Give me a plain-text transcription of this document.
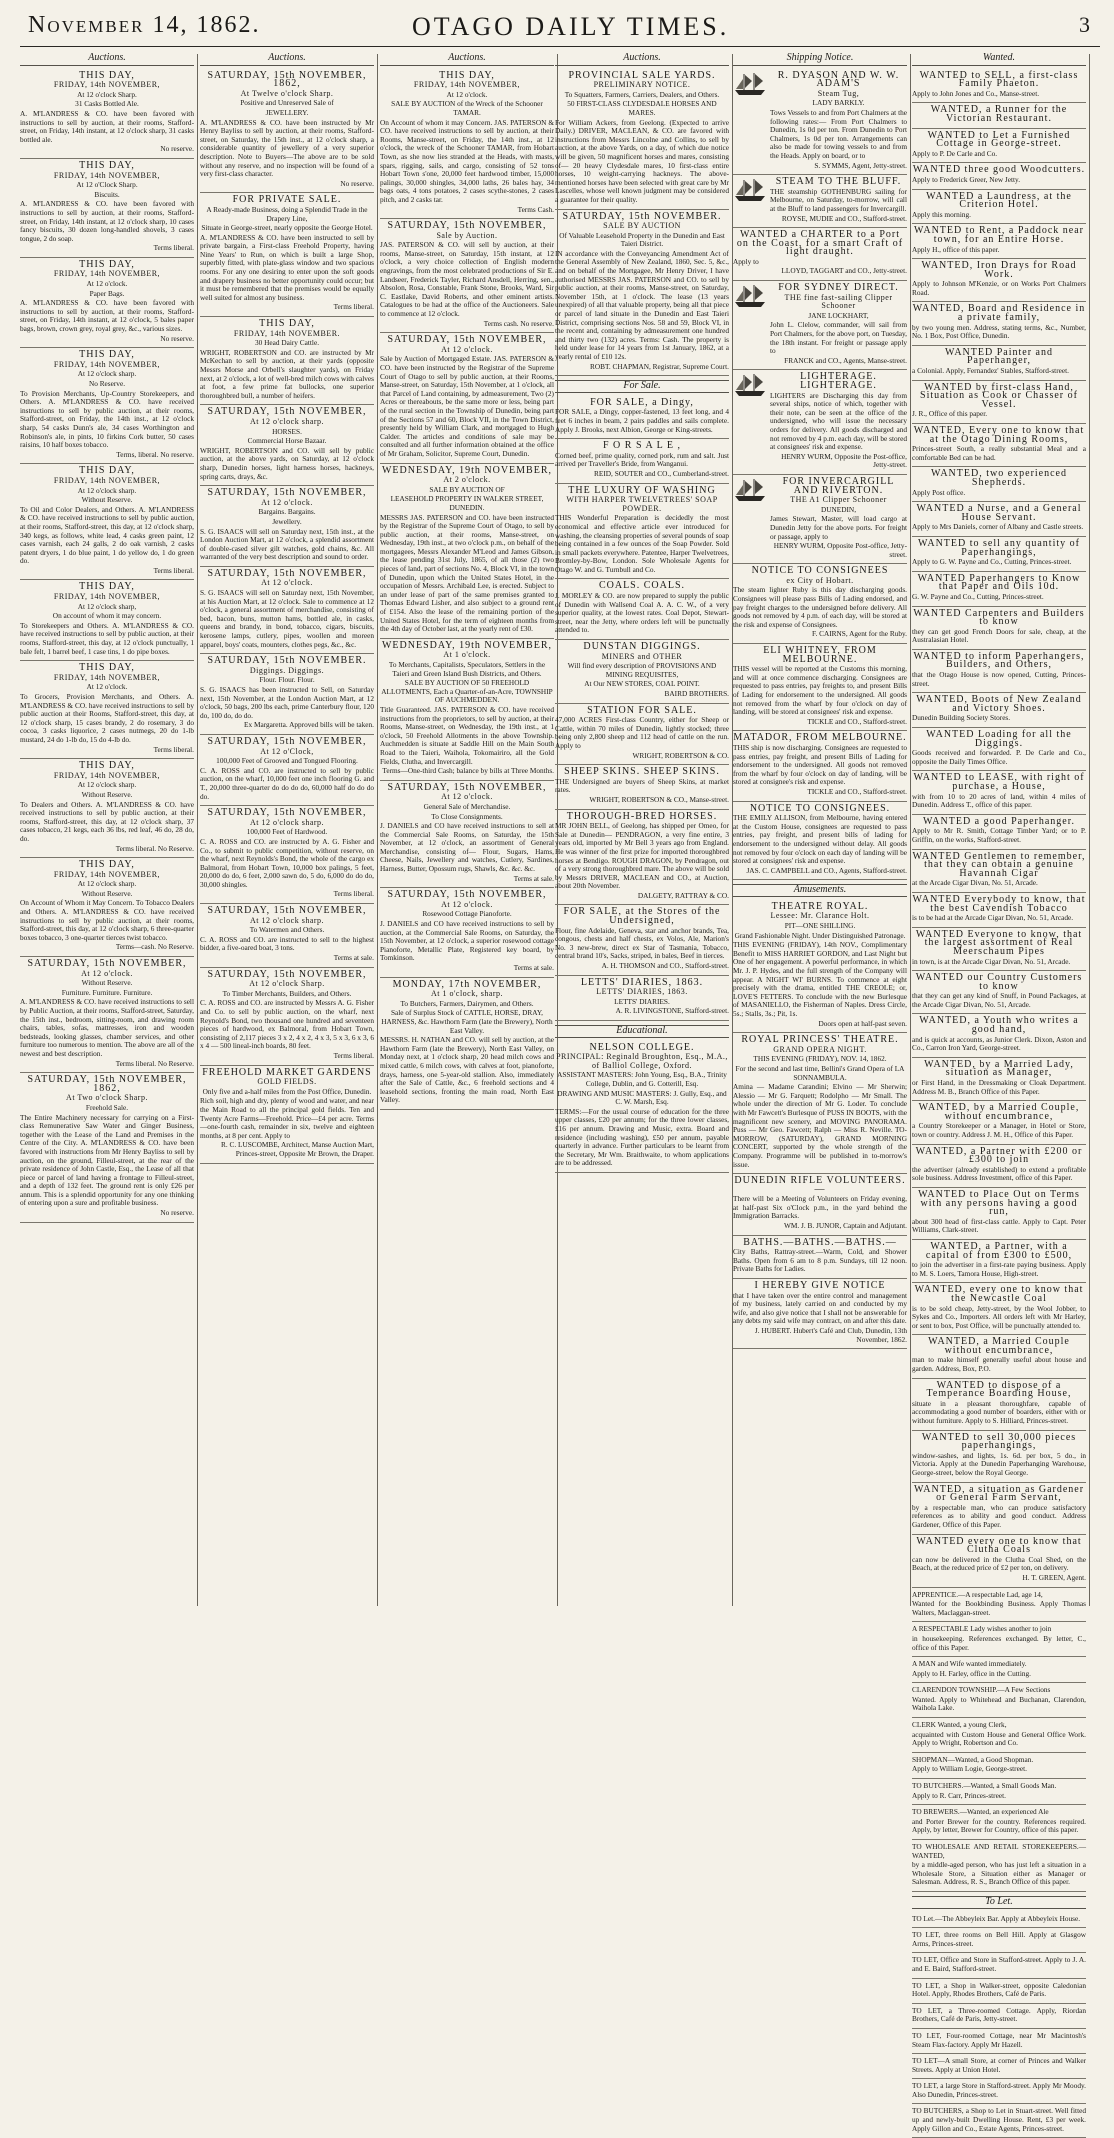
November 14, 1862.	OTAGO DAILY TIMES.	3
Auctions.
THIS DAY,
FRIDAY, 14th NOVEMBER,
At 12 o'clock Sharp.
31 Casks Bottled Ale.
A. M'LANDRESS & CO. have been favored with instructions to sell by auction, at their rooms, Stafford-street, on Friday, 14th instant, at 12 o'clock sharp, 31 casks bottled ale.
No reserve.
THIS DAY,
FRIDAY, 14th NOVEMBER,
At 12 o'Clock Sharp.
Biscuits.
A. M'LANDRESS & CO. have been favored with instructions to sell by auction, at their rooms, Stafford-street, on Friday, 14th instant, at 12 o'clock sharp, 10 cases fancy biscuits, 30 dozen long-handled shovels, 3 cases tongue, 2 do soap.
Terms liberal.
THIS DAY,
FRIDAY, 14th NOVEMBER,
At 12 o'clock.
Paper Bags.
A. M'LANDRESS & CO. have been favored with instructions to sell by auction, at their rooms, Stafford-street, on Friday, 14th instant, at 12 o'clock, 5 bales paper bags, brown, crown grey, royal grey, &c., various sizes.
No reserve.
THIS DAY,
FRIDAY, 14th NOVEMBER,
At 12 o'clock sharp.
No Reserve.
To Provision Merchants, Up-Country Storekeepers, and Others. A. M'LANDRESS & CO. have received instructions to sell by public auction, at their rooms, Stafford-street, on Friday, the 14th inst., at 12 o'clock sharp, 54 casks Dunn's ale, 34 cases Worthington and Robinson's ale, in pints, 10 firkins Cork butter, 50 cases raisins, 10 half boxes tobacco.
Terms, liberal. No reserve.
THIS DAY,
FRIDAY, 14th NOVEMBER,
At 12 o'clock sharp.
Without Reserve.
To Oil and Color Dealers, and Others. A. M'LANDRESS & CO. have received instructions to sell by public auction, at their rooms, Stafford-street, this day, at 12 o'clock sharp, 340 kegs, as follows, white lead, 4 casks green paint, 12 cases varnish, each 24 galls, 2 do oak varnish, 2 casks patent dryers, 1 do blue paint, 1 do yellow do, 1 do green do.
Terms liberal.
THIS DAY,
FRIDAY, 14th NOVEMBER,
At 12 o'clock sharp,
On account of whom it may concern.
To Storekeepers and Others. A. M'LANDRESS & CO. have received instructions to sell by public auction, at their rooms, Stafford-street, this day, at 12 o'clock punctually, 1 bale felt, 1 barrel beef, 1 case tins, 1 do pipe boxes.
THIS DAY,
FRIDAY, 14th NOVEMBER,
At 12 o'clock.
To Grocers, Provision Merchants, and Others. A. M'LANDRESS & CO. have received instructions to sell by public auction at their Rooms, Stafford-street, this day, at 12 o'clock sharp, 15 cases brandy, 2 do rosemary, 3 do cocoa, 3 casks liquorice, 2 cases nutmegs, 20 do 1-lb mustard, 24 do 1-lb do, 15 do 4-lb do.
Terms liberal.
THIS DAY,
FRIDAY, 14th NOVEMBER,
At 12 o'clock sharp.
Without Reserve.
To Dealers and Others. A. M'LANDRESS & CO. have received instructions to sell by public auction, at their rooms, Stafford-street, this day, at 12 o'clock sharp, 37 cases tobacco, 21 kegs, each 36 lbs, red leaf, 46 do, 28 do, do.
Terms liberal. No Reserve.
THIS DAY,
FRIDAY, 14th NOVEMBER,
At 12 o'clock sharp.
Without Reserve.
On Account of Whom it May Concern. To Tobacco Dealers and Others. A. M'LANDRESS & CO. have received instructions to sell by public auction, at their rooms, Stafford-street, this day, at 12 o'clock sharp, 6 three-quarter boxes tobacco, 3 one-quarter tierces twist tobacco.
Terms—cash. No Reserve.
SATURDAY, 15th NOVEMBER,
At 12 o'clock.
Without Reserve.
Furniture. Furniture. Furniture.
A. M'LANDRESS & CO. have received instructions to sell by Public Auction, at their rooms, Stafford-street, Saturday, the 15th inst., bedroom, sitting-room, and drawing room chairs, tables, sofas, mattresses, iron and wooden bedsteads, looking glasses, chamber services, and other furniture too numerous to mention. The above are all of the newest and best description.
Terms liberal. No Reserve.
SATURDAY, 15th NOVEMBER, 1862,
At Two o'clock Sharp.
Freehold Sale.
The Entire Machinery necessary for carrying on a First-class Remunerative Saw Water and Ginger Business, together with the Lease of the Land and Premises in the Centre of the City. A. M'LANDRESS & CO. have been favored with instructions from Mr Henry Bayliss to sell by auction, on the ground, Filleul-street, at the rear of the private residence of John Castle, Esq., the Lease of all that piece or parcel of land having a frontage to Filleul-street, and a depth of 132 feet. The ground rent is only £26 per annum. This is a splendid opportunity for any one thinking of entering upon a sure and profitable business.
No reserve.
Auctions.
SATURDAY, 15th NOVEMBER, 1862,
At Twelve o'clock Sharp.
Positive and Unreserved Sale of
JEWELLERY.
A. M'LANDRESS & CO. have been instructed by Mr Henry Bayliss to sell by auction, at their rooms, Stafford-street, on Saturday, the 15th inst., at 12 o'clock sharp, a considerable quantity of jewellery of a very superior description. Note to Buyers—The above are to be sold without any reserve, and no inspection will be found of a very first-class character.
No reserve.
FOR PRIVATE SALE.
A Ready-made Business, doing a Splendid Trade in the Drapery Line,
Situate in George-street, nearly opposite the George Hotel.
A. M'LANDRESS & CO. have been instructed to sell by private bargain, a First-class Freehold Property, having Nine Years' to Run, on which is built a large Shop, superbly fitted, with plate-glass window and two spacious rooms. For any one desiring to enter upon the soft goods and drapery business no better opportunity could occur; but it must be remembered that the premises would be equally well suited for almost any business.
Terms liberal.
THIS DAY,
FRIDAY, 14th NOVEMBER.
30 Head Dairy Cattle.
WRIGHT, ROBERTSON and CO. are instructed by Mr McKechan to sell by auction, at their yards (opposite Messrs Morse and Orbell's slaughter yards), on Friday next, at 2 o'clock, a lot of well-bred milch cows with calves at foot, a few prime fat bullocks, one superior thoroughbred bull, a number of heifers.
SATURDAY, 15th NOVEMBER,
At 12 o'clock sharp.
HORSES.
Commercial Horse Bazaar.
WRIGHT, ROBERTSON and CO. will sell by public auction, at the above yards, on Saturday, at 12 o'clock sharp, Dunedin horses, light harness horses, hackneys, spring carts, drays, &c.
SATURDAY, 15th NOVEMBER,
At 12 o'clock.
Bargains. Bargains.
Jewellery.
S. G. ISAACS will sell on Saturday next, 15th inst., at the London Auction Mart, at 12 o'clock, a splendid assortment of double-cased silver gilt watches, gold chains, &c. All warranted of the very best description and sound to order.
SATURDAY, 15th NOVEMBER,
At 12 o'clock.
S. G. ISAACS will sell on Saturday next, 15th November, at his Auction Mart, at 12 o'clock. Sale to commence at 12 o'clock, a general assortment of merchandise, consisting of bed, bacon, buns, mutton hams, bottled ale, in casks, queens and brandy, in bond, tobacco, cigars, biscuits, kerosene lamps, cutlery, pipes, woollen and moreen apparel, boys' coats, mounters, clothes pegs, &c., &c.
SATURDAY, 15th NOVEMBER.
Diggings. Diggings.
Flour. Flour. Flour.
S. G. ISAACS has been instructed to Sell, on Saturday next, 15th November, at the London Auction Mart, at 12 o'clock, 50 bags, 200 lbs each, prime Canterbury flour, 120 do, 100 do, do do.
Ex Margaretta. Approved bills will be taken.
SATURDAY, 15th NOVEMBER,
At 12 o'Clock,
100,000 Feet of Grooved and Tongued Flooring.
C. A. ROSS and CO. are instructed to sell by public auction, on the wharf, 10,000 feet one inch flooring G. and T., 20,000 three-quarter do do do do, 60,000 half do do do do.
SATURDAY, 15th NOVEMBER,
At 12 o'clock sharp.
100,000 Feet of Hardwood.
C. A. ROSS and CO. are instructed by A. G. Fisher and Co., to submit to public competition, without reserve, on the wharf, next Reynolds's Bond, the whole of the cargo ex Balmoral, from Hobart Town, 10,000 box palings, 5 feet, 20,000 do do, 6 feet, 2,000 sawn do, 5 do, 6,000 do do do, 30,000 shingles.
Terms liberal.
SATURDAY, 15th NOVEMBER,
At 12 o'clock sharp.
To Watermen and Others.
C. A. ROSS and CO. are instructed to sell to the highest bidder, a five-oared boat, 3 tons.
Terms at sale.
SATURDAY, 15th NOVEMBER,
At 12 o'clock Sharp.
To Timber Merchants, Builders, and Others.
C. A. ROSS and CO. are instructed by Messrs A. G. Fisher and Co. to sell by public auction, on the wharf, next Reynold's Bond, two thousand one hundred and seventeen pieces of hardwood, ex Balmoral, from Hobart Town, consisting of 2,117 pieces 3 x 2, 4 x 2, 4 x 3, 5 x 3, 6 x 3, 6 x 4 — 500 lineal-inch boards, 80 feet.
Terms liberal.
FREEHOLD MARKET GARDENS
GOLD FIELDS.
Only five and a-half miles from the Post Office, Dunedin.
Rich soil, high and dry, plenty of wood and water, and near the Main Road to all the principal gold fields. Ten and Twenty Acre Farms—Freehold. Price—£4 per acre. Terms—one-fourth cash, remainder in six, twelve and eighteen months, at 8 per cent. Apply to
R. C. LUSCOMBE, Architect, Manse Auction Mart, Princes-street, Opposite Mr Brown, the Draper.
Auctions.
THIS DAY,
FRIDAY, 14th NOVEMBER,
At 12 o'clock.
SALE BY AUCTION of the Wreck of the Schooner TAMAR.
On Account of whom it may Concern. JAS. PATERSON & CO. have received instructions to sell by auction, at their Rooms, Manse-street, on Friday, the 14th inst., at 12 o'clock, the wreck of the Schooner TAMAR, from Hobart Town, as she now lies stranded at the Heads, with masts, spars, rigging, sails, and cargo, consisting of 52 tons Hobart Town s'one, 20,000 feet hardwood timber, 15,000 palings, 30,000 shingles, 34,000 laths, 26 bales hay, 34 bags oats, 4 tons potatoes, 2 cases scythe-stones, 2 cases pitch, and 2 casks tar.
Terms Cash.
SATURDAY, 15th NOVEMBER,
Sale by Auction.
JAS. PATERSON & CO. will sell by auction, at their rooms, Manse-street, on Saturday, 15th instant, at 12 o'clock, a very choice collection of English modern engravings, from the most celebrated productions of Sir E. Landseer, Frederick Tayler, Richard Ansdell, Herring, sen., Absolon, Rosa, Constable, Frank Stone, Brooks, Ward, Sir C. Eastlake, David Roberts, and other eminent artists. Catalogues to be had at the office of the Auctioneers. Sale to commence at 12 o'clock.
Terms cash. No reserve.
SATURDAY, 15th NOVEMBER,
At 12 o'clock.
Sale by Auction of Mortgaged Estate. JAS. PATERSON & CO. have been instructed by the Registrar of the Supreme Court of Otago to sell by public auction, at their Rooms, Manse-street, on Saturday, 15th November, at 1 o'clock, all that Parcel of Land containing, by admeasurement, Two (2) Acres or thereabouts, be the same more or less, being part of the rural section in the Township of Dunedin, being part of the Sections 57 and 60, Block VII, in the Town District, presently held by William Clark, and mortgaged to Hugh Calder. The articles and conditions of sale may be consulted and all further information obtained at the office of Mr Graham, Solicitor, Supreme Court, Dunedin.
WEDNESDAY, 19th NOVEMBER,
At 2 o'clock.
SALE BY AUCTION OF
LEASEHOLD PROPERTY IN WALKER STREET, DUNEDIN.
MESSRS JAS. PATERSON and CO. have been instructed by the Registrar of the Supreme Court of Otago, to sell by public auction, at their rooms, Manse-street, on Wednesday, 19th inst., at two o'clock p.m., on behalf of the mortgagees, Messrs Alexander M'Leod and James Gibson, the lease pending 31st July, 1865, of all those (2) two pieces of land, part of sections No. 4, Block VI, in the town of Dunedin, upon which the United States Hotel, in the occupation of Messrs. Archibald Lee, is erected. Subject to an under lease of part of the same premises granted to Thomas Edward Lisher, and also subject to a ground rent of £154. Also the lease of the remaining portion of the United States Hotel, for the term of eighteen months from the 4th day of October last, at the yearly rent of £30.
WEDNESDAY, 19th NOVEMBER,
At 1 o'clock.
To Merchants, Capitalists, Speculators, Settlers in the Taieri and Green Island Bush Districts, and Others.
SALE BY AUCTION OF 50 FREEHOLD ALLOTMENTS, Each a Quarter-of-an-Acre, TOWNSHIP OF AUCHMEDDEN.
Title Guaranteed. JAS. PATERSON & CO. have received instructions from the proprietors, to sell by auction, at their Rooms, Manse-street, on Wednesday, the 19th inst., at 1 o'clock, 50 Freehold Allotments in the above Township. Auchmedden is situate at Saddle Hill on the Main South Road to the Taieri, Waihola, Tokomairiro, all the Gold Fields, Clutha, and Invercargill.
Terms—One-third Cash; balance by bills at Three Months.
SATURDAY, 15th NOVEMBER,
At 12 o'clock.
General Sale of Merchandise.
To Close Consignments.
J. DANIELS and CO have received instructions to sell at the Commercial Sale Rooms, on Saturday, the 15th November, at 12 o'clock, an assortment of General Merchandise, consisting of— Flour, Sugars, Hams, Cheese, Nails, Jewellery and watches, Cutlery, Sardines, Harness, Butter, Opossum rugs, Shawls, &c. &c. &c.
Terms at sale.
SATURDAY, 15th NOVEMBER,
At 12 o'clock.
Rosewood Cottage Pianoforte.
J. DANIELS and CO have received instructions to sell by auction, at the Commercial Sale Rooms, on Saturday, the 15th November, at 12 o'clock, a superior rosewood cottage Pianoforte, Metallic Plate, Registered key board, by Tomkinson.
Terms at sale.
MONDAY, 17th NOVEMBER,
At 1 o'clock, sharp.
To Butchers, Farmers, Dairymen, and Others.
Sale of Surplus Stock of CATTLE, HORSE, DRAY, HARNESS, &c. Hawthorn Farm (late the Brewery), North East Valley.
MESSRS. H. NATHAN and CO. will sell by auction, at the Hawthorn Farm (late the Brewery), North East Valley, on Monday next, at 1 o'clock sharp, 20 head milch cows and mixed cattle, 6 milch cows, with calves at foot, pianoforte, drays, harness, one 5-year-old stallion. Also, immediately after the Sale of Cattle, &c., 6 freehold sections and 4 leasehold sections, fronting the main road, North East Valley.
Auctions.
PROVINCIAL SALE YARDS.
PRELIMINARY NOTICE.
To Squatters, Farmers, Carriers, Dealers, and Others.
50 FIRST-CLASS CLYDESDALE HORSES AND MARES.
For William Ackers, from Geelong. (Expected to arrive Daily.) DRIVER, MACLEAN, & CO. are favored with instructions from Messrs Lincolne and Collins, to sell by auction, at the above Yards, on a day, of which due notice will be given, 50 magnificent horses and mares, consisting of— 20 heavy Clydesdale mares, 10 first-class entire horses, 10 weight-carrying hackneys. The above-mentioned horses have been selected with great care by Mr Lascelles, whose well known judgment may be considered a guarantee for their quality.
SATURDAY, 15th NOVEMBER.
SALE BY AUCTION
Of Valuable Leasehold Property in the Dunedin and East Taieri District.
IN accordance with the Conveyancing Amendment Act of the General Assembly of New Zealand, 1860, Sec. 5, &c., and on behalf of the Mortgagee, Mr Henry Driver, I have authorised MESSRS JAS. PATERSON and CO. to sell by public auction, at their rooms, Manse-street, on Saturday, November 15th, at 1 o'clock. The lease (13 years unexpired) of all that valuable property, being all that piece or parcel of land situate in the Dunedin and East Taieri District, comprising sections Nos. 58 and 59, Block VI, in the recent and, containing by admeasurement one hundred and thirty two (132) acres. Terms: Cash. The property is held under lease for 14 years from 1st January, 1862, at a yearly rental of £10 12s.
ROBT. CHAPMAN, Registrar, Supreme Court.
For Sale.
FOR SALE, a Dingy,
FOR SALE, a Dingy, copper-fastened, 13 feet long, and 4 feet 6 inches in beam, 2 pairs paddles and sails complete. Apply J. Brooks, next Albion, George or King-streets.
F O R S A L E ,
Corned beef, prime quality, corned pork, rum and salt. Just arrived per Traveller's Bride, from Wanganui.
REID, SOUTER and CO., Cumberland-street.
THE LUXURY OF WASHING
WITH HARPER TWELVETREES' SOAP POWDER.
THIS Wonderful Preparation is decidedly the most economical and effective article ever introduced for washing, the cleansing properties of several pounds of soap being contained in a few ounces of the Soap Powder. Sold in small packets everywhere. Patentee, Harper Twelvetrees, Bromley-by-Bow, London. Sole Wholesale Agents for Otago W. and G. Turnbull and Co.
COALS. COALS.
J. MORLEY & CO. are now prepared to supply the public of Dunedin with Wallsend Coal A. A. C. W., of a very superior quality, at the lowest rates. Coal Depot, Stewart-street, near the Jetty, where orders left will be punctually attended to.
DUNSTAN DIGGINGS.
MINERS and OTHER
Will find every description of PROVISIONS AND MINING REQUISITES,
At Our NEW STORES, COAL POINT.
BAIRD BROTHERS.
STATION FOR SALE.
47,000 ACRES First-class Country, either for Sheep or Cattle, within 70 miles of Dunedin, lightly stocked; three being only 2,800 sheep and 112 head of cattle on the run. Apply to
WRIGHT, ROBERTSON & CO.
SHEEP SKINS. SHEEP SKINS.
THE Undersigned are buyers of Sheep Skins, at market rates.
WRIGHT, ROBERTSON & CO., Manse-street.
THOROUGH-BRED HORSES.
MR JOHN BELL, of Geelong, has shipped per Omeo, for Sale at Dunedin— PENDRAGON, a very fine entire, 3 years old, imported by Mr Bell 3 years ago from England. He was winner of the first prize for imported thoroughbred horses at Bendigo. ROUGH DRAGON, by Pendragon, out of a very strong thoroughbred mare. The above will be sold by Messrs DRIVER, MACLEAN and CO., at Auction, about 20th November.
DALGETY, RATTRAY & CO.
FOR SALE, at the Stores of the Undersigned,
Flour, fine Adelaide, Geneva, star and anchor brands, Tea, congous, chests and half chests, ex Volos, Ale, Marion's No. 3 new-brew, direct ex Star of Tasmania, Tobacco, central brand 10's, Sacks, striped, in bales, Beef in tierces.
A. H. THOMSON and CO., Stafford-street.
LETTS' DIARIES, 1863.
LETTS' DIARIES, 1863.
LETTS' DIARIES.
A. R. LIVINGSTONE, Stafford-street.
Educational.
NELSON COLLEGE.
PRINCIPAL: Reginald Broughton, Esq., M.A., of Balliol College, Oxford.
ASSISTANT MASTERS: John Young, Esq., B.A., Trinity College, Dublin, and G. Cotterill, Esq.
DRAWING AND MUSIC MASTERS: J. Gully, Esq., and C. W. Marsh, Esq.
TERMS:—For the usual course of education for the three upper classes, £20 per annum; for the three lower classes, £16 per annum. Drawing and Music, extra. Board and residence (including washing), £50 per annum, payable quarterly in advance. Further particulars to be learnt from the Secretary, Mr Wm. Braithwaite, to whom applications are to be addressed.
Shipping Notice.
R. DYASON AND W. W. ADAM'S
Steam Tug,
LADY BARKLY.
Tows Vessels to and from Port Chalmers at the following rates:— From Port Chalmers to Dunedin, 1s 0d per ton. From Dunedin to Port Chalmers, 1s 0d per ton. Arrangements can also be made for towing vessels to and from the Heads. Apply on board, or to
S. SYMMS, Agent, Jetty-street.
STEAM TO THE BLUFF.
THE steamship GOTHENBURG sailing for Melbourne, on Saturday, to-morrow, will call at the Bluff to land passengers for Invercargill.
ROYSE, MUDIE and CO., Stafford-street.
WANTED a CHARTER to a Port on the Coast, for a smart Craft of light draught.
Apply to
LLOYD, TAGGART and CO., Jetty-street.
FOR SYDNEY DIRECT.
THE fine fast-sailing Clipper Schooner
JANE LOCKHART,
John L. Clelow, commander, will sail from Port Chalmers, for the above port, on Tuesday, the 18th instant. For freight or passage apply to
FRANCK and CO., Agents, Manse-street.
LIGHTERAGE. LIGHTERAGE.
LIGHTERS are Discharging this day from several ships, notice of which, together with their note, can be seen at the office of the undersigned, who will issue the necessary orders for delivery. All goods discharged and not removed by 4 p.m. each day, will be stored at consignees' risk and expense.
HENRY WURM, Opposite the Post-office, Jetty-street.
FOR INVERCARGILL AND RIVERTON.
THE A1 Clipper Schooner
DUNEDIN,
James Stewart, Master, will load cargo at Dunedin Jetty for the above ports. For freight or passage, apply to
HENRY WURM, Opposite Post-office, Jetty-street.
NOTICE TO CONSIGNEES
ex City of Hobart.
The steam lighter Ruby is this day discharging goods. Consignees will please pass Bills of Lading endorsed, and pay freight charges to the undersigned before delivery. All goods not removed by 4 p.m. of each day, will be stored at the risk and expense of Consignees.
F. CAIRNS, Agent for the Ruby.
ELI WHITNEY, FROM MELBOURNE.
THIS vessel will be reported at the Customs this morning, and will at once commence discharging. Consignees are requested to pass entries, pay freights to, and present Bills of Lading for endorsement to the undersigned. All goods not removed from the wharf by four o'clock on day of landing, will be stored at consignees' risk and expense.
TICKLE and CO., Stafford-street.
MATADOR, FROM MELBOURNE.
THIS ship is now discharging. Consignees are requested to pass entries, pay freight, and present Bills of Lading for endorsement to the undersigned. All goods not removed from the wharf by four o'clock on day of landing, will be stored at consignee's risk and expense.
TICKLE and CO., Stafford-street.
NOTICE TO CONSIGNEES.
THE EMILY ALLISON, from Melbourne, having entered at the Custom House, consignees are requested to pass entries, pay freight, and present bills of lading for endorsement to the undersigned without delay. All goods not removed by four o'clock on each day of landing will be stored at consignees' risk and expense.
JAS. C. CAMPBELL and CO., Agents, Stafford-street.
Amusements.
THEATRE ROYAL.
Lessee: Mr. Clarance Holt.
PIT—ONE SHILLING.
Grand Fashionable Night. Under Distinguished Patronage.
THIS EVENING (FRIDAY), 14th NOV., Complimentary Benefit to MISS HARRIET GORDON, and Last Night but One of her engagement. A powerful performance, in which Mr. J. P. Hydes, and the full strength of the Company will appear. A NIGHT WI' BURNS. To commence at eight precisely with the drama, entitled THE CREOLE; or, LOVE'S FETTERS. To conclude with the new Burlesque of MASANIELLO, the Fisherman of Naples. Dress Circle, 5s.; Stalls, 3s.; Pit, 1s.
Doors open at half-past seven.
ROYAL PRINCESS' THEATRE.
GRAND OPERA NIGHT.
THIS EVENING (FRIDAY), NOV. 14, 1862.
For the second and last time, Bellini's Grand Opera of LA SONNAMBULA.
Amina — Madame Carandini; Elvino — Mr Sherwin; Alessio — Mr G. Farquett; Rodolpho — Mr Small. The whole under the direction of Mr G. Loder. To conclude with Mr Fawcett's Burlesque of PUSS IN BOOTS, with the magnificent new scenery, and MOVING PANORAMA. Puss — Mr Geo. Fawcett; Ralph — Miss R. Neville. TO-MORROW, (SATURDAY), GRAND MORNING CONCERT, supported by the whole strength of the Company. Programme will be published in to-morrow's issue.
DUNEDIN RIFLE VOLUNTEERS.—
There will be a Meeting of Volunteers on Friday evening, at half-past Six o'Clock p.m., in the yard behind the Immigration Barracks.
WM. J. B. JUNOR, Captain and Adjutant.
BATHS.—BATHS.—BATHS.—
City Baths, Rattray-street.—Warm, Cold, and Shower Baths. Open from 6 am to 8 p.m. Sundays, till 12 noon. Private Baths for Ladies.
I HEREBY GIVE NOTICE
that I have taken over the entire control and management of my business, lately carried on and conducted by my wife, and also give notice that I shall not be answerable for any debts my said wife may contract, on and after this date.
J. HUBERT. Hubert's Café and Club, Dunedin, 13th November, 1862.
Wanted.
WANTED to SELL, a first-class Family Phaeton.
Apply to John Jones and Co., Manse-street.
WANTED, a Runner for the Victorian Restaurant.
WANTED to Let a Furnished Cottage in George-street.
Apply to P. De Carle and Co.
WANTED three good Woodcutters.
Apply to Frederick Greer, New Jetty.
WANTED a Laundress, at the Criterion Hotel.
Apply this morning.
WANTED to Rent, a Paddock near town, for an Entire Horse.
Apply H., office of this paper.
WANTED, Iron Drays for Road Work.
Apply to Johnson M'Kenzie, or on Works Port Chalmers Road.
WANTED, Board and Residence in a private family,
by two young men. Address, stating terms, &c., Number, No. 1 Box, Post Office, Dunedin.
WANTED Painter and Paperhanger,
a Colonial. Apply, Fernandez' Stables, Stafford-street.
WANTED by first-class Hand, Situation as Cook or Chasser of Vessel.
J. R., Office of this paper.
WANTED, Every one to know that at the Otago Dining Rooms,
Princes-street South, a really substantial Meal and a comfortable Bed can be had.
WANTED, two experienced Shepherds.
Apply Post office.
WANTED a Nurse, and a General House Servant.
Apply to Mrs Daniels, corner of Albany and Castle streets.
WANTED to sell any quantity of Paperhangings,
Apply to G. W. Payne and Co., Cutting, Princes-street.
WANTED Paperhangers to Know that Paper and Oils 10d.
G. W. Payne and Co., Cutting, Princes-street.
WANTED Carpenters and Builders to know
they can get good French Doors for sale, cheap, at the Australasian Hotel.
WANTED to inform Paperhangers, Builders, and Others,
that the Otago House is now opened, Cutting, Princes-street.
WANTED, Boots of New Zealand and Victory Shoes.
Dunedin Building Society Stores.
WANTED Loading for all the Diggings.
Goods received and forwarded. P. De Carle and Co., opposite the Daily Times Office.
WANTED to LEASE, with right of purchase, a House,
with from 10 to 20 acres of land, within 4 miles of Dunedin. Address T., office of this paper.
WANTED a good Paperhanger.
Apply to Mr R. Smith, Cottage Timber Yard; or to P. Griffin, on the works, Stafford-street.
WANTED Gentlemen to remember, that they can obtain a genuine Havannah Cigar
at the Arcade Cigar Divan, No. 51, Arcade.
WANTED Everybody to know, that the best Cavendish Tobacco
is to be had at the Arcade Cigar Divan, No. 51, Arcade.
WANTED Everyone to know, that the largest assortment of Real Meerschaum Pipes
in town, is at the Arcade Cigar Divan, No. 51, Arcade.
WANTED our Country Customers to know
that they can get any kind of Snuff, in Pound Packages, at the Arcade Cigar Divan, No. 51, Arcade.
WANTED, a Youth who writes a good hand,
and is quick at accounts, as Junior Clerk. Dixon, Aston and Co., Carron Iron Yard, George-street.
WANTED, by a Married Lady, situation as Manager,
or First Hand, in the Dressmaking or Cloak Department. Address M. B., Branch Office of this Paper.
WANTED, by a Married Couple, without encumbrance,
a Country Storekeeper or a Manager, in Hotel or Store, town or country. Address J. M. H., Office of this Paper.
WANTED, a Partner with £200 or £300 to join
the advertiser (already established) to extend a profitable sole business. Address Investment, office of this Paper.
WANTED to Place Out on Terms with any persons having a good run,
about 300 head of first-class cattle. Apply to Capt. Peter Williams, Clark-street.
WANTED, a Partner, with a capital of from £300 to £500,
to join the advertiser in a first-rate paying business. Apply to M. S. Loers, Tamora House, High-street.
WANTED, every one to know that the Newcastle Coal
is to be sold cheap, Jetty-street, by the Wool Jobber, to Sykes and Co., Importers. All orders left with Mr Harley, or sent to box, Post Office, will be punctually attended to.
WANTED, a Married Couple without encumbrance,
man to make himself generally useful about house and garden. Address, Box, P.O.
WANTED to dispose of a Temperance Boarding House,
situate in a pleasant thoroughfare, capable of accommodating a good number of boarders, either with or without furniture. Apply to S. Hilliard, Princes-street.
WANTED to sell 30,000 pieces paperhangings,
window-sashes, and lights, 1s. 6d. per box, 5 do., in Victoria. Apply at the Dunedin Paperhanging Warehouse, George-street, below the Royal George.
WANTED, a situation as Gardener or General Farm Servant,
by a respectable man, who can produce satisfactory references as to ability and good conduct. Address Gardener, Office of this Paper.
WANTED every one to know that Clutha Coals
can now be delivered in the Clutha Coal Shed, on the Beach, at the reduced price of £2 per ton, on delivery.
H. T. GREEN, Agent.
APPRENTICE.—A respectable Lad, age 14,
Wanted for the Bookbinding Business. Apply Thomas Walters, Maclaggan-street.
A RESPECTABLE Lady wishes another to join
in housekeeping. References exchanged. By letter, C., office of this Paper.
A MAN and Wife wanted immediately.
Apply to H. Farley, office in the Cutting.
CLARENDON TOWNSHIP.—A Few Sections
Wanted. Apply to Whitehead and Buchanan, Clarendon, Waihola Lake.
CLERK Wanted, a young Clerk,
acquainted with Custom House and General Office Work. Apply to Wright, Robertson and Co.
SHOPMAN—Wanted, a Good Shopman.
Apply to William Logie, George-street.
TO BUTCHERS.—Wanted, a Small Goods Man.
Apply to R. Carr, Princes-street.
TO BREWERS.—Wanted, an experienced Ale
and Porter Brewer for the country. References required. Apply, by letter, Brewer for Country, office of this paper.
TO WHOLESALE AND RETAIL STOREKEEPERS.—WANTED,
by a middle-aged person, who has just left a situation in a Wholesale Store, a Situation either as Manager or Salesman. Address, R. S., Branch Office of this paper.
To Let.
TO Let.—The Abbeyleix Bar. Apply at Abbeyleix House.
TO LET, three rooms on Bell Hill. Apply at Glasgow Arms, Princes-street.
TO LET, Office and Store in Stafford-street. Apply to J. A. and E. Baird, Stafford-street.
TO LET, a Shop in Walker-street, opposite Caledonian Hotel. Apply, Rhodes Brothers, Café de Paris.
TO LET, a Three-roomed Cottage. Apply, Riordan Brothers, Café de Paris, Jetty-street.
TO LET, Four-roomed Cottage, near Mr Macintosh's Steam Flax-factory. Apply Mr Hazell.
TO LET—A small Store, at corner of Princes and Walker Streets. Apply at Union Hotel.
TO LET, a large Store in Stafford-street. Apply Mr Moody. Also Dunedin, Princes-street.
TO BUTCHERS, a Shop to Let in Stuart-street. Well fitted up and newly-built Dwelling House. Rent, £3 per week. Apply Gillon and Co., Estate Agents, Princes-street.
